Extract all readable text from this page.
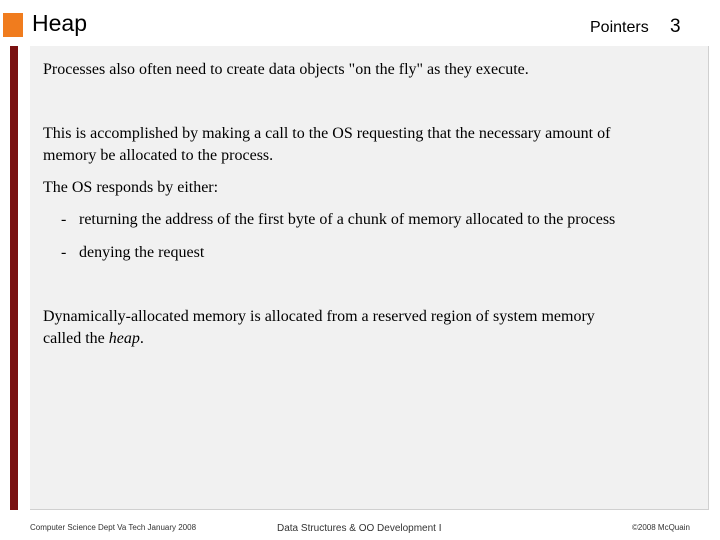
Heap	Pointers 3

Processes also often need to create data objects "on the fly" as they execute.

This is accomplished by making a call to the OS requesting that the necessary amount of

memory be allocated to the process.

The OS responds by either:

- returning the address of the first byte of a chunk of memory allocated to the process
- denying the request

Dynamically-allocated memory is allocated from a reserved region of system memory

called the heap.

Computer Science Dept Va Tech January 2008	Data Structures & OO Development I	©2008 McQuain
